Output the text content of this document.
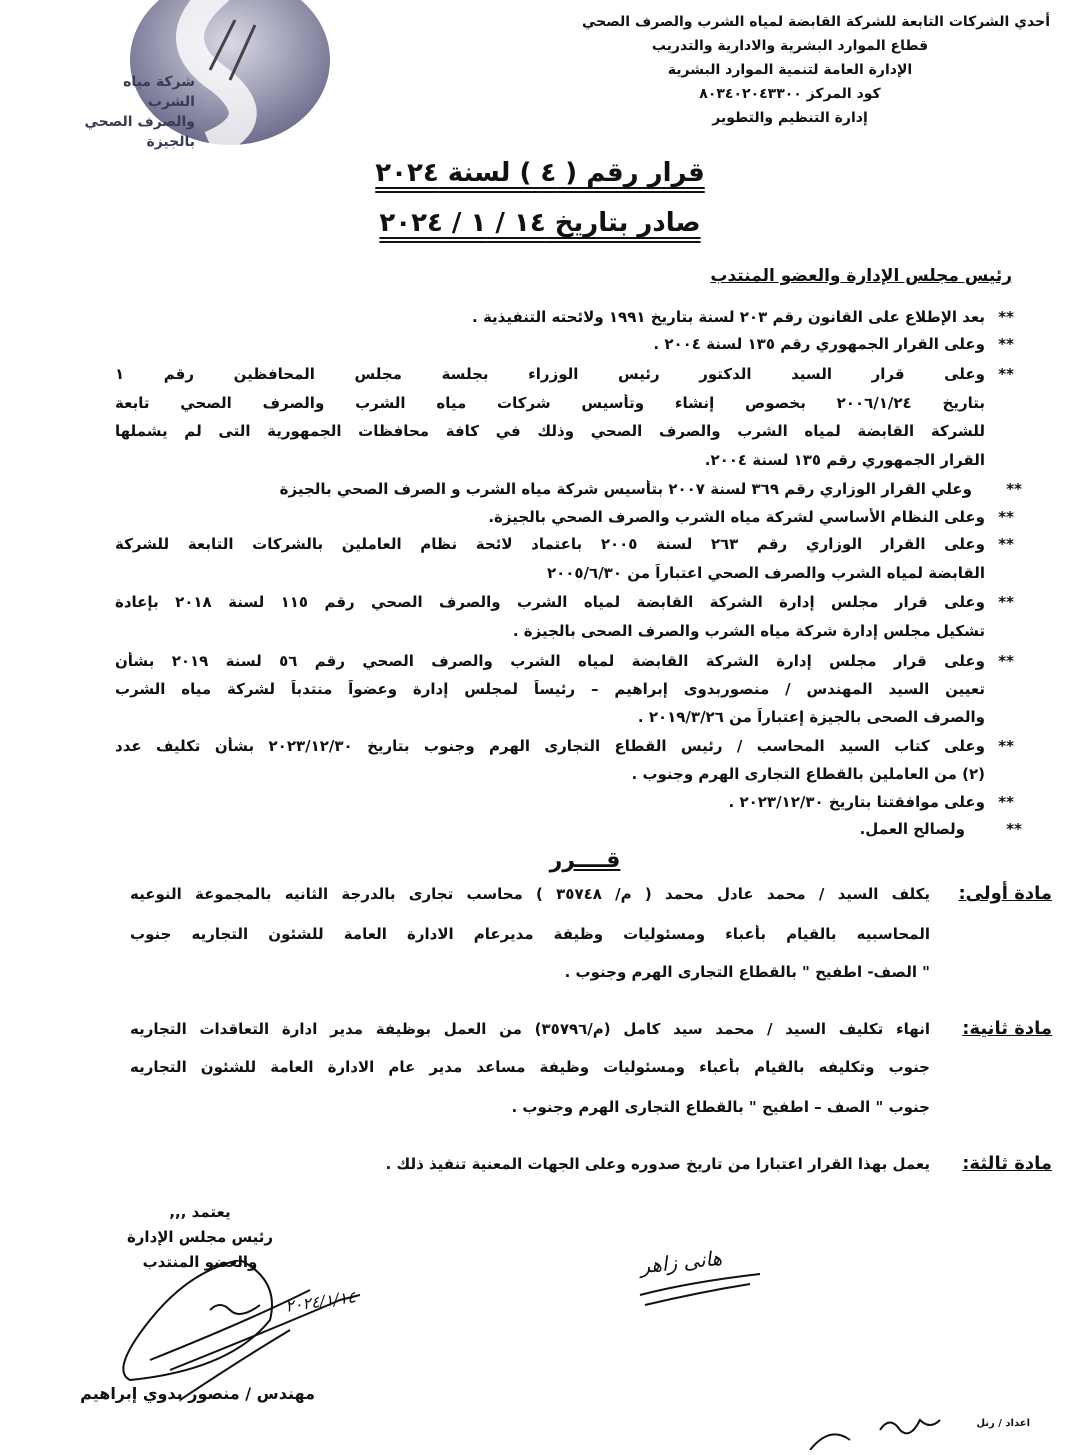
شركة مياه الشرب
والصرف الصحي بالجيزة
أحدي الشركات التابعة للشركة القابضة لمياه الشرب والصرف الصحي
قطاع الموارد البشرية والادارية والتدريب
الإدارة العامة لتنمية الموارد البشرية
كود المركز ٨٠٣٤٠٢٠٤٣٣٠٠
إدارة التنظيم والتطوير
قرار رقم ( ٤ ) لسنة ٢٠٢٤
صادر بتاريخ ١٤ / ١ / ٢٠٢٤
رئيس مجلس الإدارة والعضو المنتدب
**
بعد الإطلاع على القانون رقم ٢٠٣ لسنة بتاريخ ١٩٩١ ولائحته التنفيذية .
**
وعلى القرار الجمهوري رقم ١٣٥ لسنة ٢٠٠٤ .
**
وعلى قرار السيد الدكتور رئيس الوزراء بجلسة مجلس المحافظين رقم ١
بتاريخ ٢٠٠٦/١/٢٤ بخصوص إنشاء وتأسيس شركات مياه الشرب والصرف الصحي تابعة
للشركة القابضة لمياه الشرب والصرف الصحي وذلك في كافة محافظات الجمهورية التى لم يشملها
القرار الجمهوري رقم ١٣٥ لسنة ٢٠٠٤.
**
وعلي القرار الوزاري رقم ٣٦٩ لسنة ٢٠٠٧ بتأسيس شركة مياه الشرب و الصرف الصحي بالجيزة
**
وعلى النظام الأساسي لشركة مياه الشرب والصرف الصحي بالجيزة.
**
وعلى القرار الوزاري رقم ٢٦٣ لسنة ٢٠٠٥ باعتماد لائحة نظام العاملين بالشركات التابعة للشركة
القابضة لمياه الشرب والصرف الصحي اعتباراً من ٢٠٠٥/٦/٣٠
**
وعلى قرار مجلس إدارة الشركة القابضة لمياه الشرب والصرف الصحي رقم ١١٥ لسنة ٢٠١٨ بإعادة
تشكيل مجلس إدارة شركة مياه الشرب والصرف الصحى بالجيزة .
**
وعلى قرار مجلس إدارة الشركة القابضة لمياه الشرب والصرف الصحي رقم ٥٦ لسنة ٢٠١٩ بشأن
تعيين السيد المهندس / منصوربدوى إبراهيم – رئيساً لمجلس إدارة وعضواً منتدباً لشركة مياه الشرب
والصرف الصحى بالجيزة إعتباراً من ٢٠١٩/٣/٢٦ .
**
وعلى كتاب السيد المحاسب / رئيس القطاع التجارى الهرم وجنوب بتاريخ ٢٠٢٣/١٢/٣٠ بشأن تكليف عدد
(٢) من العاملين بالقطاع التجارى الهرم وجنوب .
**
وعلى موافقتنا بتاريخ ٢٠٢٣/١٢/٣٠ .
**
ولصالح العمل.
قــــرر
مادة أولى:
يكلف السيد / محمد عادل محمد ( م/ ٣٥٧٤٨ ) محاسب تجارى بالدرجة الثانيه بالمجموعة النوعيه
المحاسبيه بالقيام بأعباء ومسئوليات وظيفة مديرعام الادارة العامة للشئون التجاريه جنوب
" الصف- اطفيح " بالقطاع التجارى الهرم وجنوب .
مادة ثانية:
انهاء تكليف السيد / محمد سيد كامل (م/٣٥٧٩٦) من العمل بوظيفة مدير ادارة التعاقدات التجاريه
جنوب وتكليفه بالقيام بأعباء ومسئوليات وظيفة مساعد مدير عام الادارة العامة للشئون التجاريه
جنوب " الصف – اطفيح " بالقطاع التجارى الهرم وجنوب .
مادة ثالثة:
يعمل بهذا القرار اعتبارا من تاريخ صدوره وعلى الجهات المعنية تنفيذ ذلك .
يعتمد ,,,
رئيس مجلس الإدارة
والعضو المنتدب
٢٠٢٤/١/١٤
مهندس / منصور بدوي إبراهيم
هانى زاهر
اعداد / رنل
